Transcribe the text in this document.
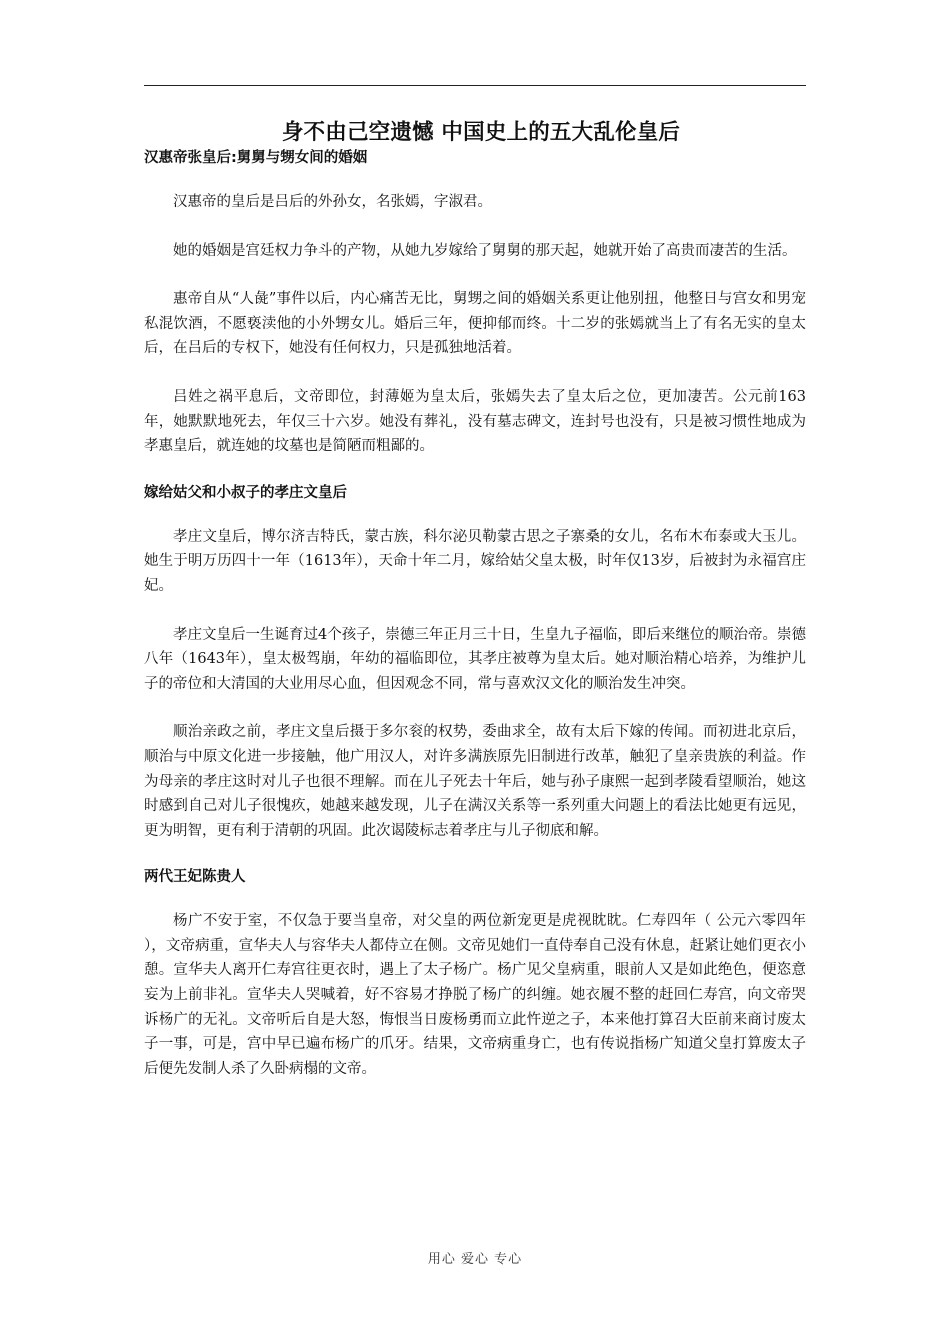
身不由己空遗憾 中国史上的五大乱伦皇后
汉惠帝张皇后:舅舅与甥女间的婚姻

汉惠帝的皇后是吕后的外孙女，名张嫣，字淑君。

她的婚姻是宫廷权力争斗的产物，从她九岁嫁给了舅舅的那天起，她就开始了高贵而凄苦的生活。

惠帝自从“人彘”事件以后，内心痛苦无比，舅甥之间的婚姻关系更让他别扭，他整日与宫女和男宠私混饮酒，不愿亵渎他的小外甥女儿。婚后三年，便抑郁而终。十二岁的张嫣就当上了有名无实的皇太后，在吕后的专权下，她没有任何权力，只是孤独地活着。

吕姓之祸平息后，文帝即位，封薄姬为皇太后，张嫣失去了皇太后之位，更加凄苦。公元前163年，她默默地死去，年仅三十六岁。她没有葬礼，没有墓志碑文，连封号也没有，只是被习惯性地成为孝惠皇后，就连她的坟墓也是简陋而粗鄙的。

嫁给姑父和小叔子的孝庄文皇后

孝庄文皇后，博尔济吉特氏，蒙古族，科尔泌贝勒蒙古思之子寨桑的女儿，名布木布泰或大玉儿。她生于明万历四十一年（1613年），天命十年二月，嫁给姑父皇太极，时年仅13岁，后被封为永福宫庄妃。

孝庄文皇后一生诞育过4个孩子，崇德三年正月三十日，生皇九子福临，即后来继位的顺治帝。崇德八年（1643年），皇太极驾崩，年幼的福临即位，其孝庄被尊为皇太后。她对顺治精心培养，为维护儿子的帝位和大清国的大业用尽心血，但因观念不同，常与喜欢汉文化的顺治发生冲突。

顺治亲政之前，孝庄文皇后摄于多尔衮的权势，委曲求全，故有太后下嫁的传闻。而初进北京后，顺治与中原文化进一步接触，他广用汉人，对许多满族原先旧制进行改革，触犯了皇亲贵族的利益。作为母亲的孝庄这时对儿子也很不理解。而在儿子死去十年后，她与孙子康熙一起到孝陵看望顺治，她这时感到自己对儿子很愧疚，她越来越发现，儿子在满汉关系等一系列重大问题上的看法比她更有远见，更为明智，更有利于清朝的巩固。此次谒陵标志着孝庄与儿子彻底和解。

两代王妃陈贵人

杨广不安于室，不仅急于要当皇帝，对父皇的两位新宠更是虎视眈眈。仁寿四年（ 公元六零四年 ），文帝病重，宣华夫人与容华夫人都侍立在侧。文帝见她们一直侍奉自己没有休息，赶紧让她们更衣小憩。宣华夫人离开仁寿宫往更衣时，遇上了太子杨广。杨广见父皇病重，眼前人又是如此绝色，便恣意妄为上前非礼。宣华夫人哭喊着，好不容易才挣脱了杨广的纠缠。她衣履不整的赶回仁寿宫，向文帝哭诉杨广的无礼。文帝听后自是大怒，悔恨当日废杨勇而立此忤逆之子，本来他打算召大臣前来商讨废太子一事，可是，宫中早已遍布杨广的爪牙。结果，文帝病重身亡，也有传说指杨广知道父皇打算废太子后便先发制人杀了久卧病榻的文帝。

用心 爱心 专心
